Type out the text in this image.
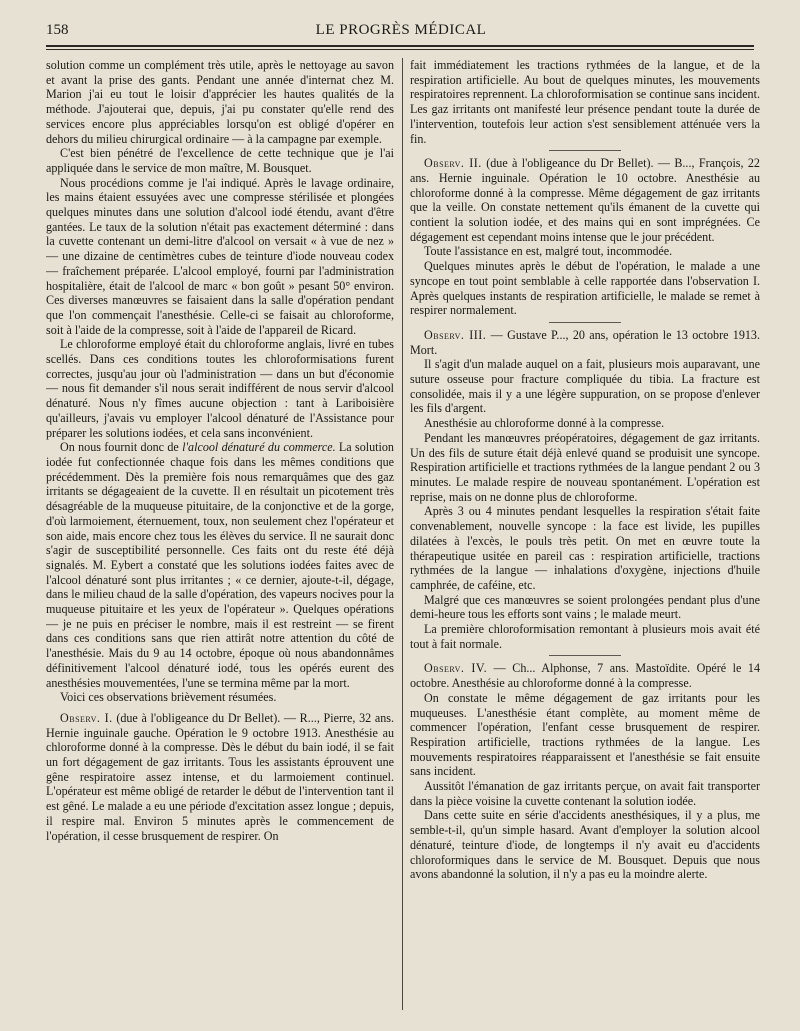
158	LE PROGRÈS MÉDICAL

solution comme un complément très utile, après le nettoyage au savon et avant la prise des gants. Pendant une année d'internat chez M. Marion j'ai eu tout le loisir d'apprécier les hautes qualités de la méthode. J'ajouterai que, depuis, j'ai pu constater qu'elle rend des services encore plus appréciables lorsqu'on est obligé d'opérer en dehors du milieu chirurgical ordinaire — à la campagne par exemple.

C'est bien pénétré de l'excellence de cette technique que je l'ai appliquée dans le service de mon maître, M. Bousquet.

Nous procédions comme je l'ai indiqué. Après le lavage ordinaire, les mains étaient essuyées avec une compresse stérilisée et plongées quelques minutes dans une solution d'alcool iodé étendu, avant d'être gantées. Le taux de la solution n'était pas exactement déterminé : dans la cuvette contenant un demi-litre d'alcool on versait « à vue de nez » — une dizaine de centimètres cubes de teinture d'iode nouveau codex — fraîchement préparée. L'alcool employé, fourni par l'administration hospitalière, était de l'alcool de marc « bon goût » pesant 50° environ. Ces diverses manœuvres se faisaient dans la salle d'opération pendant que l'on commençait l'anesthésie. Celle-ci se faisait au chloroforme, soit à l'aide de la compresse, soit à l'aide de l'appareil de Ricard.

Le chloroforme employé était du chloroforme anglais, livré en tubes scellés. Dans ces conditions toutes les chloroformisations furent correctes, jusqu'au jour où l'administration — dans un but d'économie — nous fit demander s'il nous serait indifférent de nous servir d'alcool dénaturé. Nous n'y fîmes aucune objection : tant à Lariboisière qu'ailleurs, j'avais vu employer l'alcool dénaturé de l'Assistance pour préparer les solutions iodées, et cela sans inconvénient.

On nous fournit donc de l'alcool dénaturé du commerce. La solution iodée fut confectionnée chaque fois dans les mêmes conditions que précédemment. Dès la première fois nous remarquâmes que des gaz irritants se dégageaient de la cuvette. Il en résultait un picotement très désagréable de la muqueuse pituitaire, de la conjonctive et de la gorge, d'où larmoiement, éternuement, toux, non seulement chez l'opérateur et son aide, mais encore chez tous les élèves du service. Il ne saurait donc s'agir de susceptibilité personnelle. Ces faits ont du reste été déjà signalés. M. Eybert a constaté que les solutions iodées faites avec de l'alcool dénaturé sont plus irritantes ; « ce dernier, ajoute-t-il, dégage, dans le milieu chaud de la salle d'opération, des vapeurs nocives pour la muqueuse pituitaire et les yeux de l'opérateur ». Quelques opérations — je ne puis en préciser le nombre, mais il est restreint — se firent dans ces conditions sans que rien attirât notre attention du côté de l'anesthésie. Mais du 9 au 14 octobre, époque où nous abandonnâmes définitivement l'alcool dénaturé iodé, tous les opérés eurent des anesthésies mouvementées, l'une se termina même par la mort.

Voici ces observations brièvement résumées.

Observ. I. (due à l'obligeance du Dr Bellet). — R..., Pierre, 32 ans. Hernie inguinale gauche. Opération le 9 octobre 1913. Anesthésie au chloroforme donné à la compresse. Dès le début du bain iodé, il se fait un fort dégagement de gaz irritants. Tous les assistants éprouvent une gêne respiratoire assez intense, et du larmoiement continuel. L'opérateur est même obligé de retarder le début de l'intervention tant il est gêné. Le malade a eu une période d'excitation assez longue ; depuis, il respire mal. Environ 5 minutes après le commencement de l'opération, il cesse brusquement de respirer. On

fait immédiatement les tractions rythmées de la langue, et de la respiration artificielle. Au bout de quelques minutes, les mouvements respiratoires reprennent. La chloroformisation se continue sans incident. Les gaz irritants ont manifesté leur présence pendant toute la durée de l'intervention, toutefois leur action s'est sensiblement atténuée vers la fin.

Observ. II. (due à l'obligeance du Dr Bellet). — B..., François, 22 ans. Hernie inguinale. Opération le 10 octobre. Anesthésie au chloroforme donné à la compresse. Même dégagement de gaz irritants que la veille. On constate nettement qu'ils émanent de la cuvette qui contient la solution iodée, et des mains qui en sont imprégnées. Ce dégagement est cependant moins intense que le jour précédent.

Toute l'assistance en est, malgré tout, incommodée.

Quelques minutes après le début de l'opération, le malade a une syncope en tout point semblable à celle rapportée dans l'observation I. Après quelques instants de respiration artificielle, le malade se remet à respirer normalement.

Observ. III. — Gustave P..., 20 ans, opération le 13 octobre 1913. Mort.

Il s'agit d'un malade auquel on a fait, plusieurs mois auparavant, une suture osseuse pour fracture compliquée du tibia. La fracture est consolidée, mais il y a une légère suppuration, on se propose d'enlever les fils d'argent.

Anesthésie au chloroforme donné à la compresse.

Pendant les manœuvres préopératoires, dégagement de gaz irritants. Un des fils de suture était déjà enlevé quand se produisit une syncope. Respiration artificielle et tractions rythmées de la langue pendant 2 ou 3 minutes. Le malade respire de nouveau spontanément. L'opération est reprise, mais on ne donne plus de chloroforme.

Après 3 ou 4 minutes pendant lesquelles la respiration s'était faite convenablement, nouvelle syncope : la face est livide, les pupilles dilatées à l'excès, le pouls très petit. On met en œuvre toute la thérapeutique usitée en pareil cas : respiration artificielle, tractions rythmées de la langue — inhalations d'oxygène, injections d'huile camphrée, de caféine, etc.

Malgré que ces manœuvres se soient prolongées pendant plus d'une demi-heure tous les efforts sont vains ; le malade meurt.

La première chloroformisation remontant à plusieurs mois avait été tout à fait normale.

Observ. IV. — Ch... Alphonse, 7 ans. Mastoïdite. Opéré le 14 octobre. Anesthésie au chloroforme donné à la compresse.

On constate le même dégagement de gaz irritants pour les muqueuses. L'anesthésie étant complète, au moment même de commencer l'opération, l'enfant cesse brusquement de respirer. Respiration artificielle, tractions rythmées de la langue. Les mouvements respiratoires réapparaissent et l'anesthésie se fait ensuite sans incident.

Aussitôt l'émanation de gaz irritants perçue, on avait fait transporter dans la pièce voisine la cuvette contenant la solution iodée.

Dans cette suite en série d'accidents anesthésiques, il y a plus, me semble-t-il, qu'un simple hasard. Avant d'employer la solution alcool dénaturé, teinture d'iode, de longtemps il n'y avait eu d'accidents chloroformiques dans le service de M. Bousquet. Depuis que nous avons abandonné la solution, il n'y a pas eu la moindre alerte.
